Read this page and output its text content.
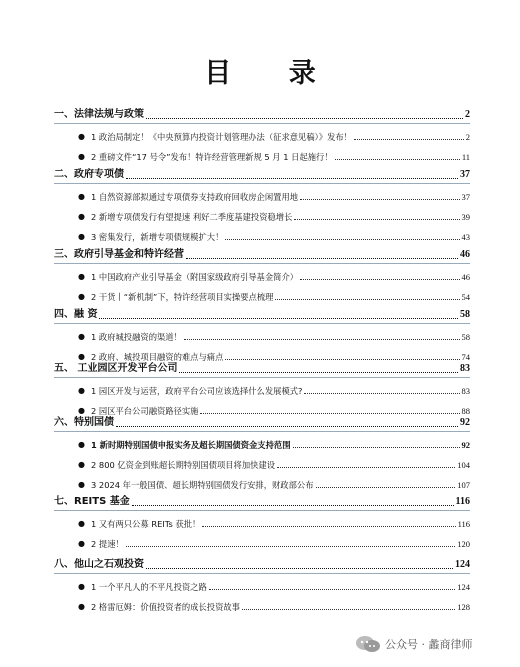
目 录
一、法律法规与政策	2
● 1 政治局制定！《中央预算内投资计划管理办法（征求意见稿）》发布！	2
● 2 重磅文件“17 号令”发布！特许经营管理新规 5 月 1 日起施行！	11
二、政府专项债	37
● 1 自然资源部拟通过专项债券支持政府回收房企闲置用地	37
● 2 新增专项债发行有望提速 利好二季度基建投资稳增长	39
● 3 密集发行，新增专项债规模扩大！	43
三、政府引导基金和特许经营	46
● 1 中国政府产业引导基金（附国家级政府引导基金简介）	46
● 2 干货丨“新机制”下，特许经营项目实操要点梳理	54
四、融 资	58
● 1 政府城投融资的渠道！	58
● 2 政府、城投项目融资的难点与痛点	74
五、 工业园区开发平台公司	83
● 1 园区开发与运营，政府平台公司应该选择什么发展模式?	83
● 2 园区平台公司融资路径实施	88
六、特别国债	92
● 1 新时期特别国债申报实务及超长期国债资金支持范围	92
● 2 800 亿资金到账超长期特别国债项目将加快建设	104
● 3 2024 年一般国债、超长期特别国债发行安排，财政部公布	107
七、REITS 基金	116
● 1 又有两只公募 REITs 获批！	116
● 2 提速！	120
八、他山之石观投资	124
● 1 一个平凡人的不平凡投资之路	124
● 2 格雷厄姆：价值投资者的成长投资故事	128
公众号 · 蠡商律师
